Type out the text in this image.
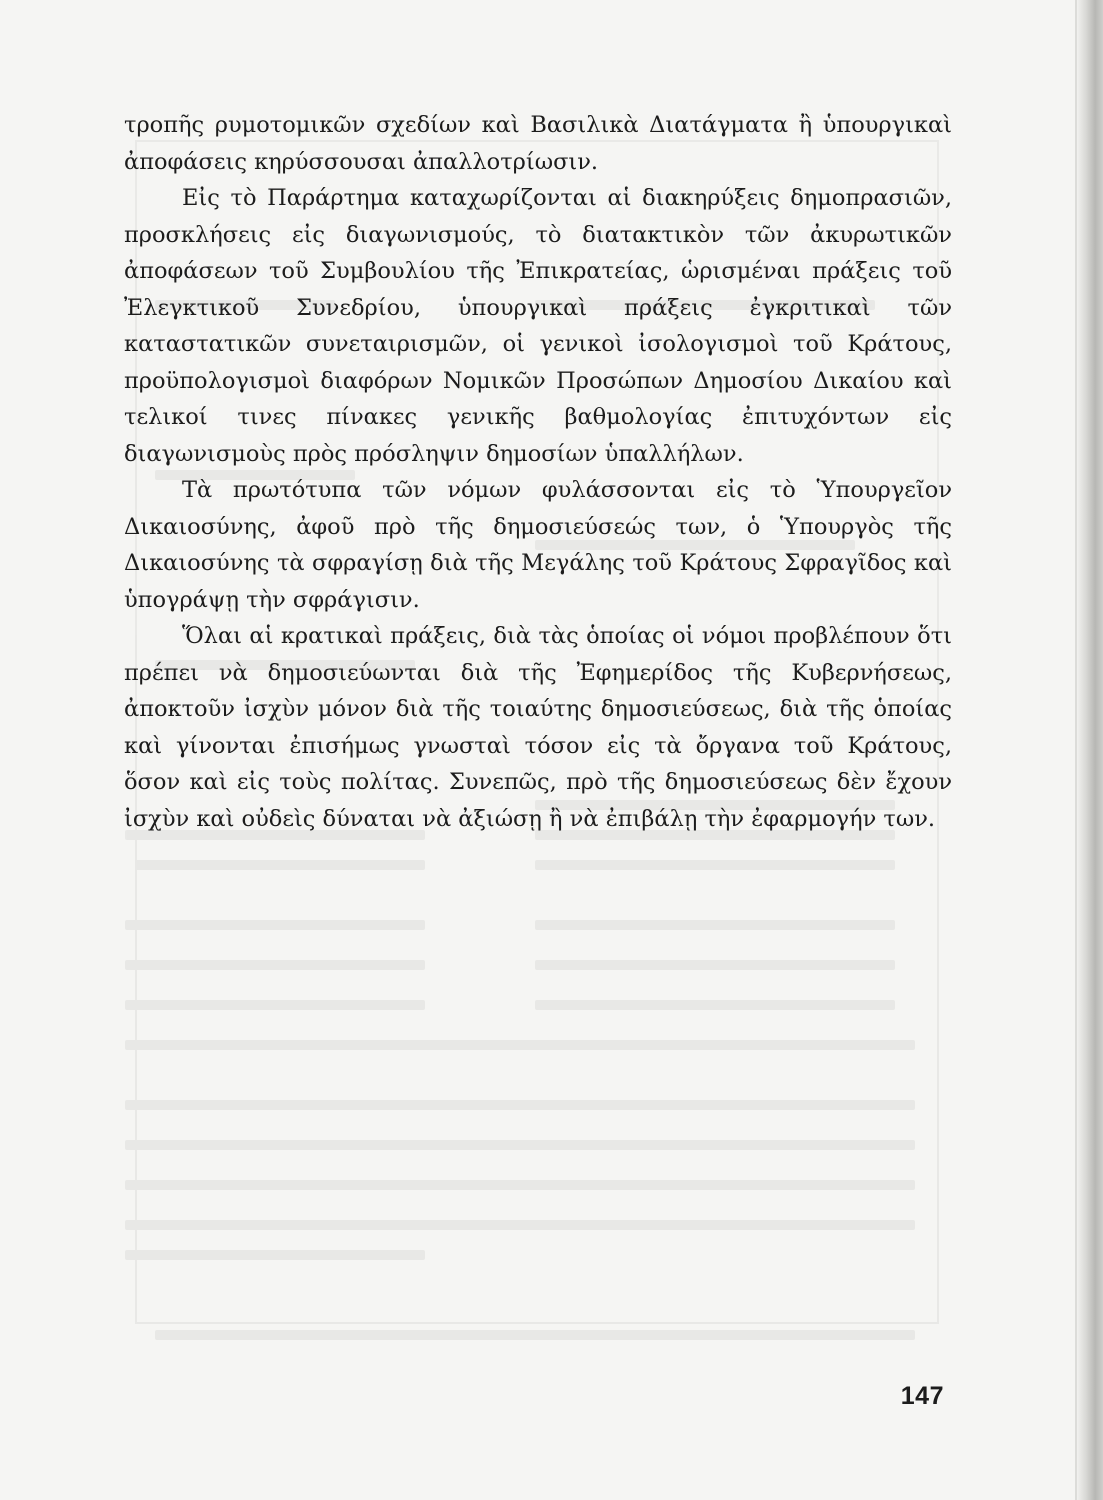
τροπῆς ρυμοτομικῶν σχεδίων καὶ Βασιλικὰ Διατάγματα ἢ ὑπουργικαὶ ἀποφάσεις κηρύσσουσαι ἀπαλλοτρίωσιν.

Εἰς τὸ Παράρτημα καταχωρίζονται αἱ διακηρύξεις δημοπρασιῶν, προσκλήσεις εἰς διαγωνισμούς, τὸ διατακτικὸν τῶν ἀκυρωτικῶν ἀποφάσεων τοῦ Συμβουλίου τῆς Ἐπικρατείας, ὡρισμέναι πράξεις τοῦ Ἐλεγκτικοῦ Συνεδρίου, ὑπουργικαὶ πράξεις ἐγκριτικαὶ τῶν καταστατικῶν συνεταιρισμῶν, οἱ γενικοὶ ἰσολογισμοὶ τοῦ Κράτους, προϋπολογισμοὶ διαφόρων Νομικῶν Προσώπων Δημοσίου Δικαίου καὶ τελικοί τινες πίνακες γενικῆς βαθμολογίας ἐπιτυχόντων εἰς διαγωνισμοὺς πρὸς πρόσληψιν δημοσίων ὑπαλλήλων.

Τὰ πρωτότυπα τῶν νόμων φυλάσσονται εἰς τὸ Ὑπουργεῖον Δικαιοσύνης, ἀφοῦ πρὸ τῆς δημοσιεύσεώς των, ὁ Ὑπουργὸς τῆς Δικαιοσύνης τὰ σφραγίσῃ διὰ τῆς Μεγάλης τοῦ Κράτους Σφραγῖδος καὶ ὑπογράψῃ τὴν σφράγισιν.

Ὅλαι αἱ κρατικαὶ πράξεις, διὰ τὰς ὁποίας οἱ νόμοι προβλέπουν ὅτι πρέπει νὰ δημοσιεύωνται διὰ τῆς Ἐφημερίδος τῆς Κυβερνήσεως, ἀποκτοῦν ἰσχὺν μόνον διὰ τῆς τοιαύτης δημοσιεύσεως, διὰ τῆς ὁποίας καὶ γίνονται ἐπισήμως γνωσταὶ τόσον εἰς τὰ ὄργανα τοῦ Κράτους, ὅσον καὶ εἰς τοὺς πολίτας. Συνεπῶς, πρὸ τῆς δημοσιεύσεως δὲν ἔχουν ἰσχὺν καὶ οὐδεὶς δύναται νὰ ἀξιώσῃ ἢ νὰ ἐπιβάλῃ τὴν ἐφαρμογήν των.

147
